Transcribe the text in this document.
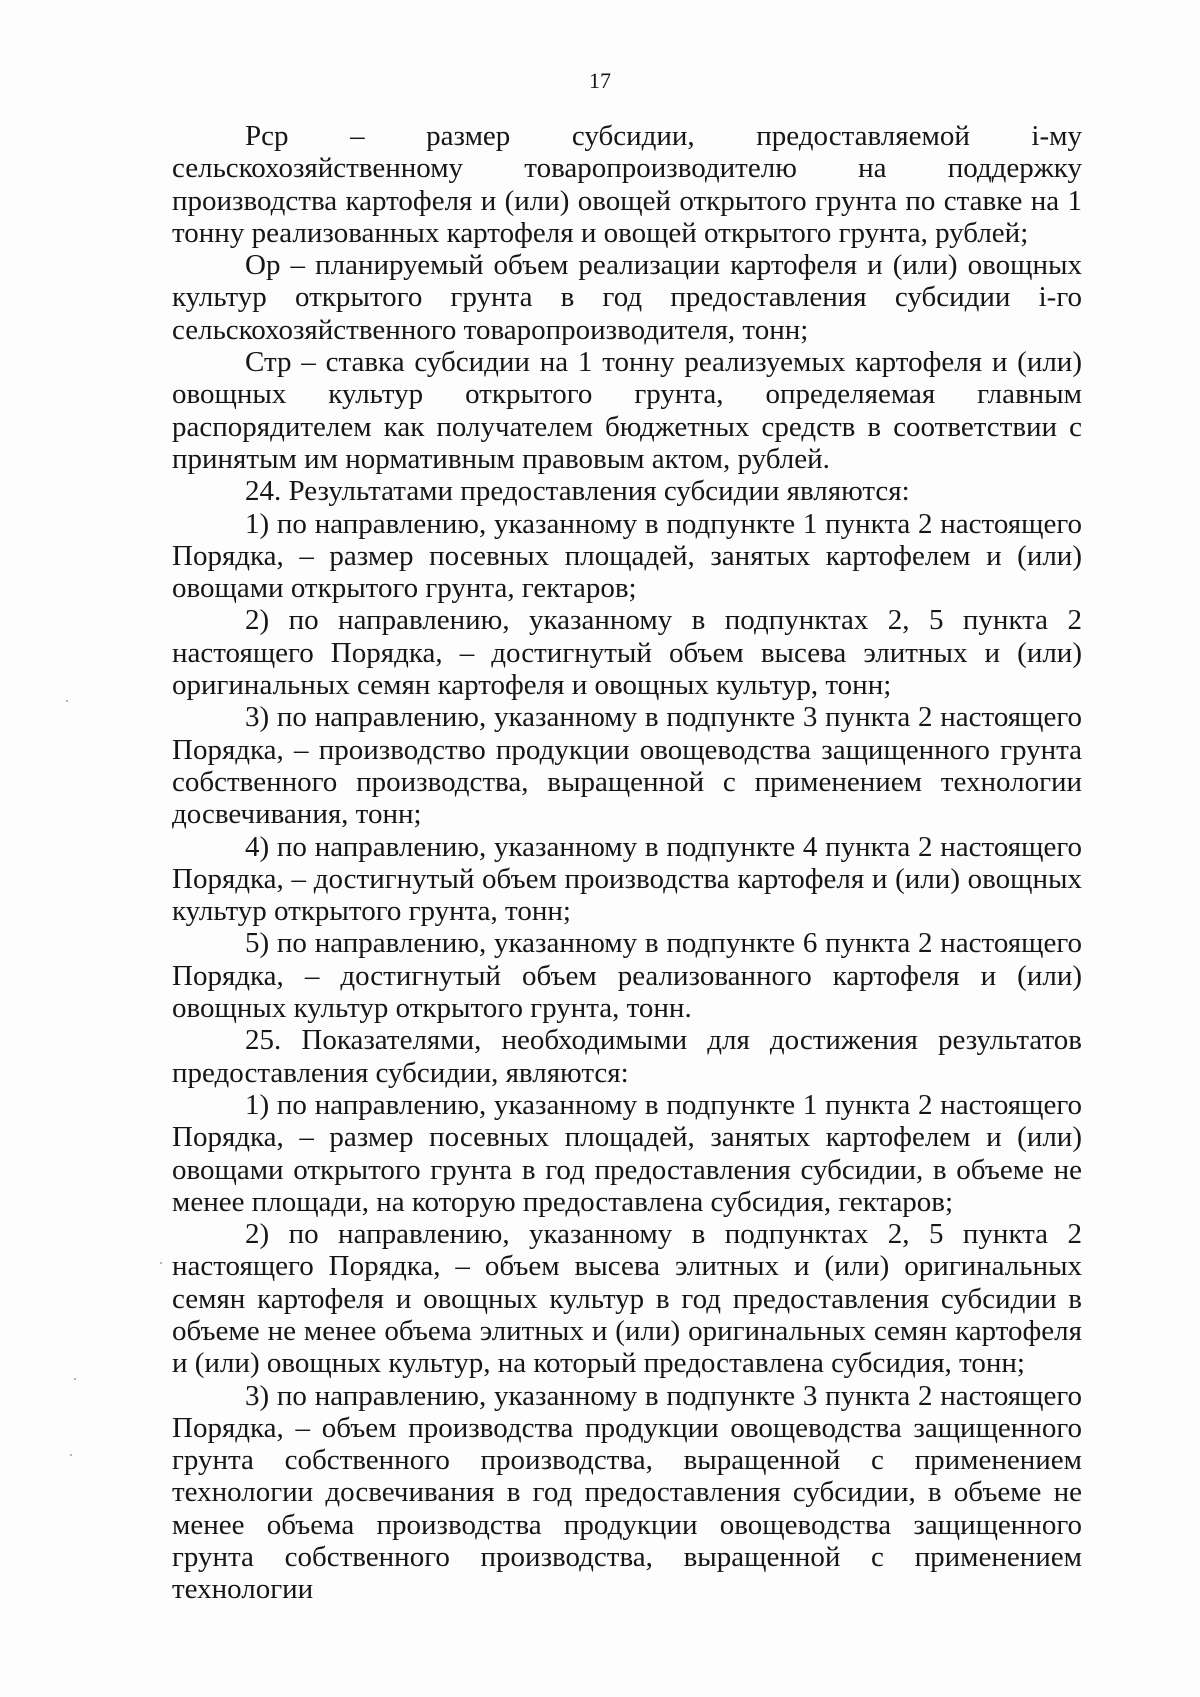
17

Рср – размер субсидии, предоставляемой i-му сельскохозяйственному товаропроизводителю на поддержку производства картофеля и (или) овощей открытого грунта по ставке на 1 тонну реализованных картофеля и овощей открытого грунта, рублей;

Ор – планируемый объем реализации картофеля и (или) овощных культур открытого грунта в год предоставления субсидии i-го сельскохозяйственного товаропроизводителя, тонн;

Стр – ставка субсидии на 1 тонну реализуемых картофеля и (или) овощных культур открытого грунта, определяемая главным распорядителем как получателем бюджетных средств в соответствии с принятым им нормативным правовым актом, рублей.

24. Результатами предоставления субсидии являются:

1) по направлению, указанному в подпункте 1 пункта 2 настоящего Порядка, – размер посевных площадей, занятых картофелем и (или) овощами открытого грунта, гектаров;

2) по направлению, указанному в подпунктах 2, 5 пункта 2 настоящего Порядка, – достигнутый объем высева элитных и (или) оригинальных семян картофеля и овощных культур, тонн;

3) по направлению, указанному в подпункте 3 пункта 2 настоящего Порядка, – производство продукции овощеводства защищенного грунта собственного производства, выращенной с применением технологии досвечивания, тонн;

4) по направлению, указанному в подпункте 4 пункта 2 настоящего Порядка, – достигнутый объем производства картофеля и (или) овощных культур открытого грунта, тонн;

5) по направлению, указанному в подпункте 6 пункта 2 настоящего Порядка, – достигнутый объем реализованного картофеля и (или) овощных культур открытого грунта, тонн.

25. Показателями, необходимыми для достижения результатов предоставления субсидии, являются:

1) по направлению, указанному в подпункте 1 пункта 2 настоящего Порядка, – размер посевных площадей, занятых картофелем и (или) овощами открытого грунта в год предоставления субсидии, в объеме не менее площади, на которую предоставлена субсидия, гектаров;

2) по направлению, указанному в подпунктах 2, 5 пункта 2 настоящего Порядка, – объем высева элитных и (или) оригинальных семян картофеля и овощных культур в год предоставления субсидии в объеме не менее объема элитных и (или) оригинальных семян картофеля и (или) овощных культур, на который предоставлена субсидия, тонн;

3) по направлению, указанному в подпункте 3 пункта 2 настоящего Порядка, – объем производства продукции овощеводства защищенного грунта собственного производства, выращенной с применением технологии досвечивания в год предоставления субсидии, в объеме не менее объема производства продукции овощеводства защищенного грунта собственного производства, выращенной с применением технологии
